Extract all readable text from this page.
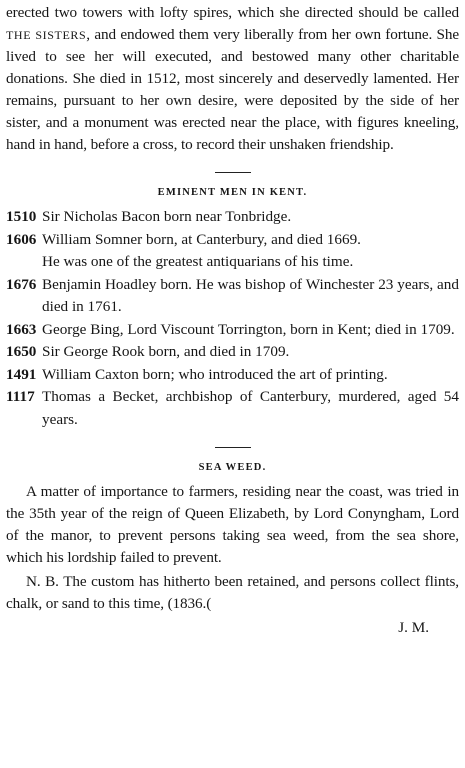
erected two towers with lofty spires, which she directed should be called THE SISTERS, and endowed them very liberally from her own fortune. She lived to see her will executed, and bestowed many other charitable donations. She died in 1512, most sincerely and deservedly lamented. Her remains, pursuant to her own desire, were deposited by the side of her sister, and a monument was erected near the place, with figures kneeling, hand in hand, before a cross, to record their unshaken friendship.

EMINENT MEN IN KENT.
1510 Sir Nicholas Bacon born near Tonbridge.
1606 William Somner born, at Canterbury, and died 1669.
He was one of the greatest antiquarians of his time.
1676 Benjamin Hoadley born. He was bishop of Winchester 23 years, and died in 1761.
1663 George Bing, Lord Viscount Torrington, born in Kent; died in 1709.
1650 Sir George Rook born, and died in 1709.
1491 William Caxton born; who introduced the art of printing.
1117 Thomas a Becket, archbishop of Canterbury, murdered, aged 54 years.
SEA WEED.

A matter of importance to farmers, residing near the coast, was tried in the 35th year of the reign of Queen Elizabeth, by Lord Conyngham, Lord of the manor, to prevent persons taking sea weed, from the sea shore, which his lordship failed to prevent.

N. B. The custom has hitherto been retained, and persons collect flints, chalk, or sand to this time, (1836.(

J. M.
